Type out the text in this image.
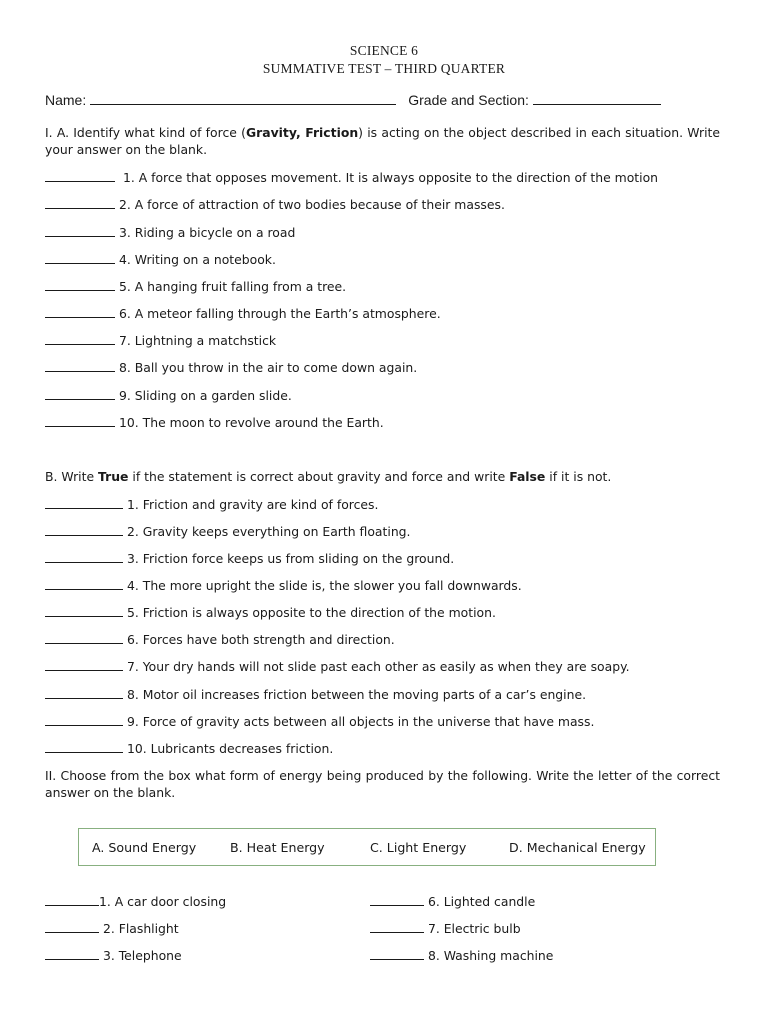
SCIENCE 6
SUMMATIVE TEST – THIRD QUARTER
Name:	Grade and Section:
I. A. Identify what kind of force (Gravity, Friction) is acting on the object described in each situation. Write your answer on the blank.
1. A force that opposes movement. It is always opposite to the direction of the motion
2. A force of attraction of two bodies because of their masses.
3. Riding a bicycle on a road
4. Writing on a notebook.
5. A hanging fruit falling from a tree.
6. A meteor falling through the Earth’s atmosphere.
7. Lightning a matchstick
8. Ball you throw in the air to come down again.
9. Sliding on a garden slide.
10. The moon to revolve around the Earth.
B. Write True if the statement is correct about gravity and force and write False if it is not.
1. Friction and gravity are kind of forces.
2. Gravity keeps everything on Earth floating.
3. Friction force keeps us from sliding on the ground.
4. The more upright the slide is, the slower you fall downwards.
5. Friction is always opposite to the direction of the motion.
6. Forces have both strength and direction.
7. Your dry hands will not slide past each other as easily as when they are soapy.
8. Motor oil increases friction between the moving parts of a car’s engine.
9. Force of gravity acts between all objects in the universe that have mass.
10. Lubricants decreases friction.
II. Choose from the box what form of energy being produced by the following. Write the letter of the correct answer on the blank.
A. Sound Energy	B. Heat Energy	C. Light Energy	D. Mechanical Energy
1. A car door closing
2. Flashlight
3. Telephone
6. Lighted candle
7. Electric bulb
8. Washing machine
